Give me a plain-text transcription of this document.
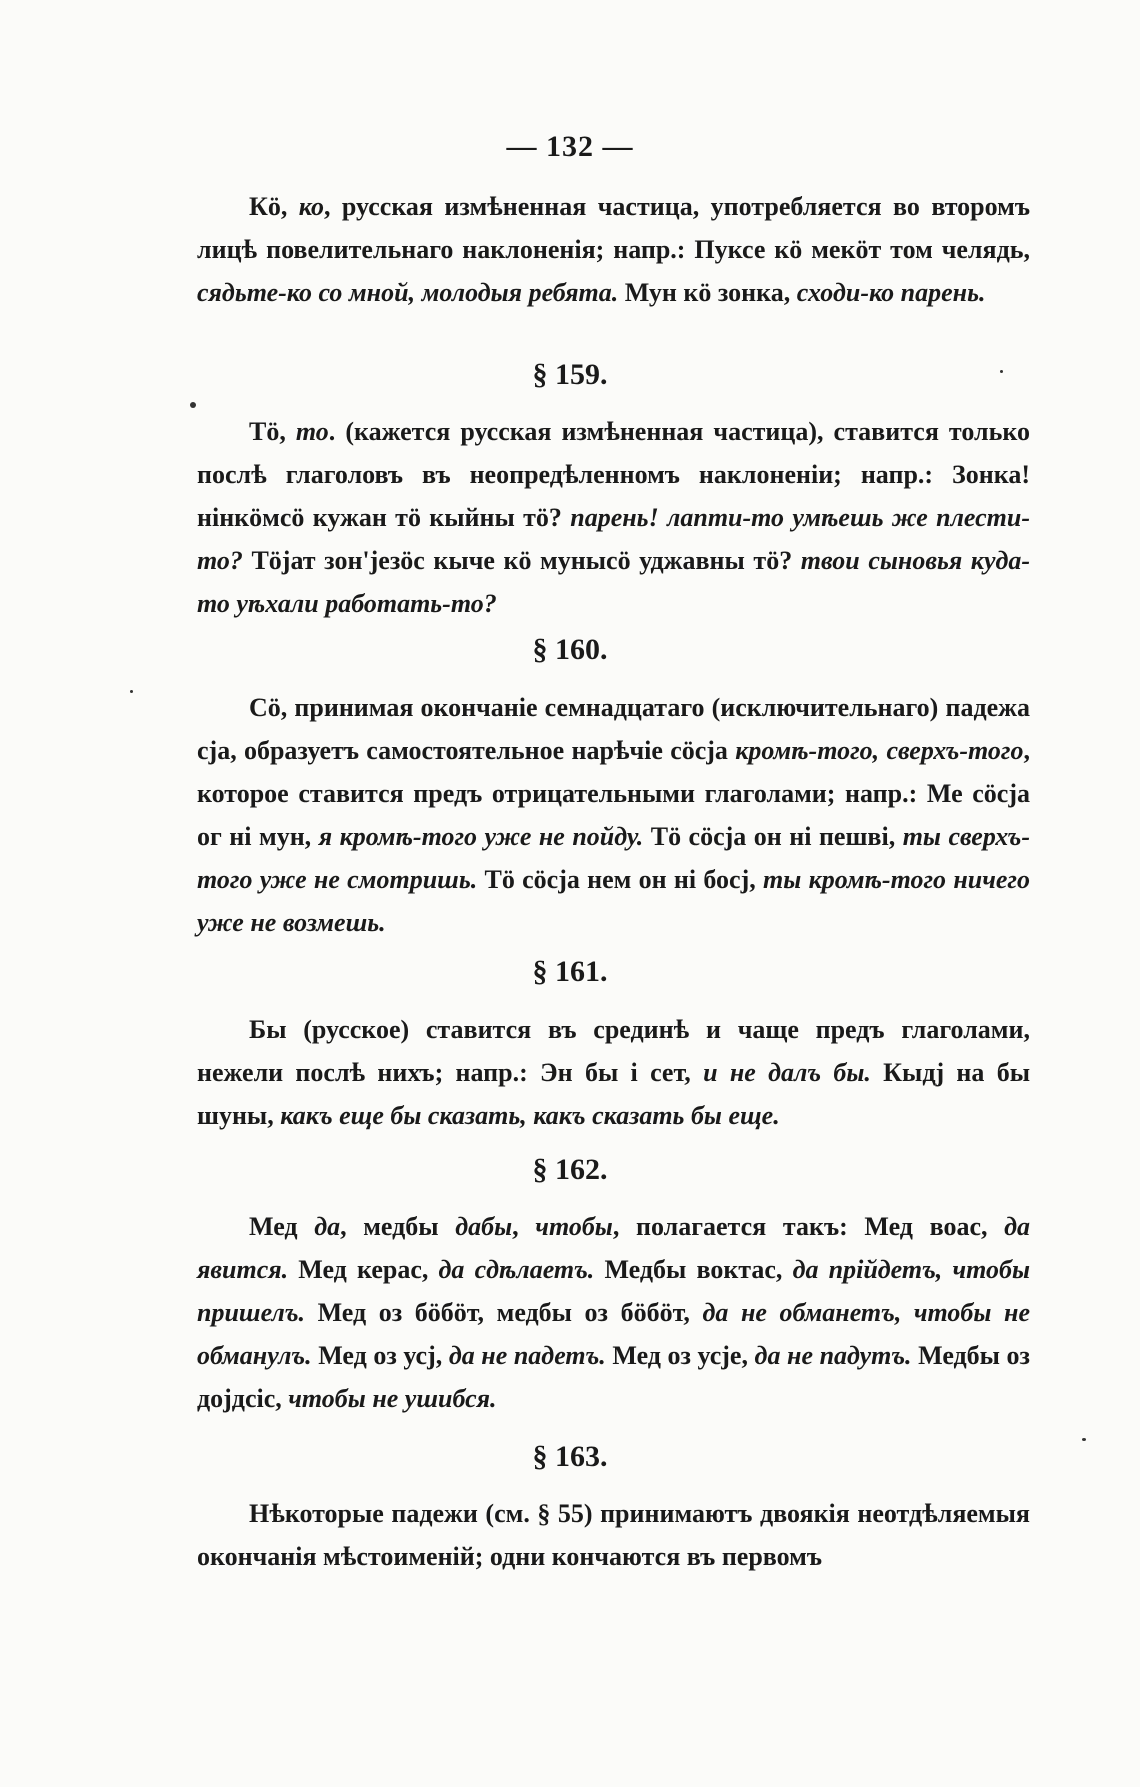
— 132 —

Кӧ, ко, русская измѣненная частица, употребляется во второмъ лицѣ повелительнаго наклоненія; напр.: Пуксе кӧ мекӧт том челядь, сядьте-ко со мной, молодыя ребята. Мун кӧ зонка, сходи-ко парень.

§ 159.

Тӧ, то. (кажется русская измѣненная частица), ставится только послѣ глаголовъ въ неопредѣленномъ наклоненіи; напр.: Зонка! нінкӧмсӧ кужан тӧ кыйны тӧ? парень! лапти-то умѣешь же плести-то? Тӧјат зон'језӧс кыче кӧ мунысӧ уджавны тӧ? твои сыновья куда-то уѣхали работать-то?

§ 160.

Сӧ, принимая окончаніе семнадцатаго (исключительнаго) падежа сја, образуетъ самостоятельное нарѣчіе сӧсја кромѣ-того, сверхъ-того, которое ставится предъ отрицательными глаголами; напр.: Ме сӧсја ог ні мун, я кромѣ-того уже не пойду. Тӧ сӧсја он ні пешві, ты сверхъ-того уже не смотришь. Тӧ сӧсја нем он ні босј, ты кромѣ-того ничего уже не возмешь.

§ 161.

Бы (русское) ставится въ срединѣ и чаще предъ глаголами, нежели послѣ нихъ; напр.: Эн бы і сет, и не далъ бы. Кыдј на бы шуны, какъ еще бы сказать, какъ сказать бы еще.

§ 162.

Мед да, медбы дабы, чтобы, полагается такъ: Мед воас, да явится. Мед керас, да сдѣлаетъ. Медбы воктас, да прійдетъ, чтобы пришелъ. Мед оз бӧбӧт, медбы оз бӧбӧт, да не обманетъ, чтобы не обманулъ. Мед оз усј, да не падетъ. Мед оз усје, да не падутъ. Медбы оз дојдсіс, чтобы не ушибся.

§ 163.

Нѣкоторые падежи (см. § 55) принимаютъ двоякія неотдѣляемыя окончанія мѣстоименій; одни кончаются въ первомъ
